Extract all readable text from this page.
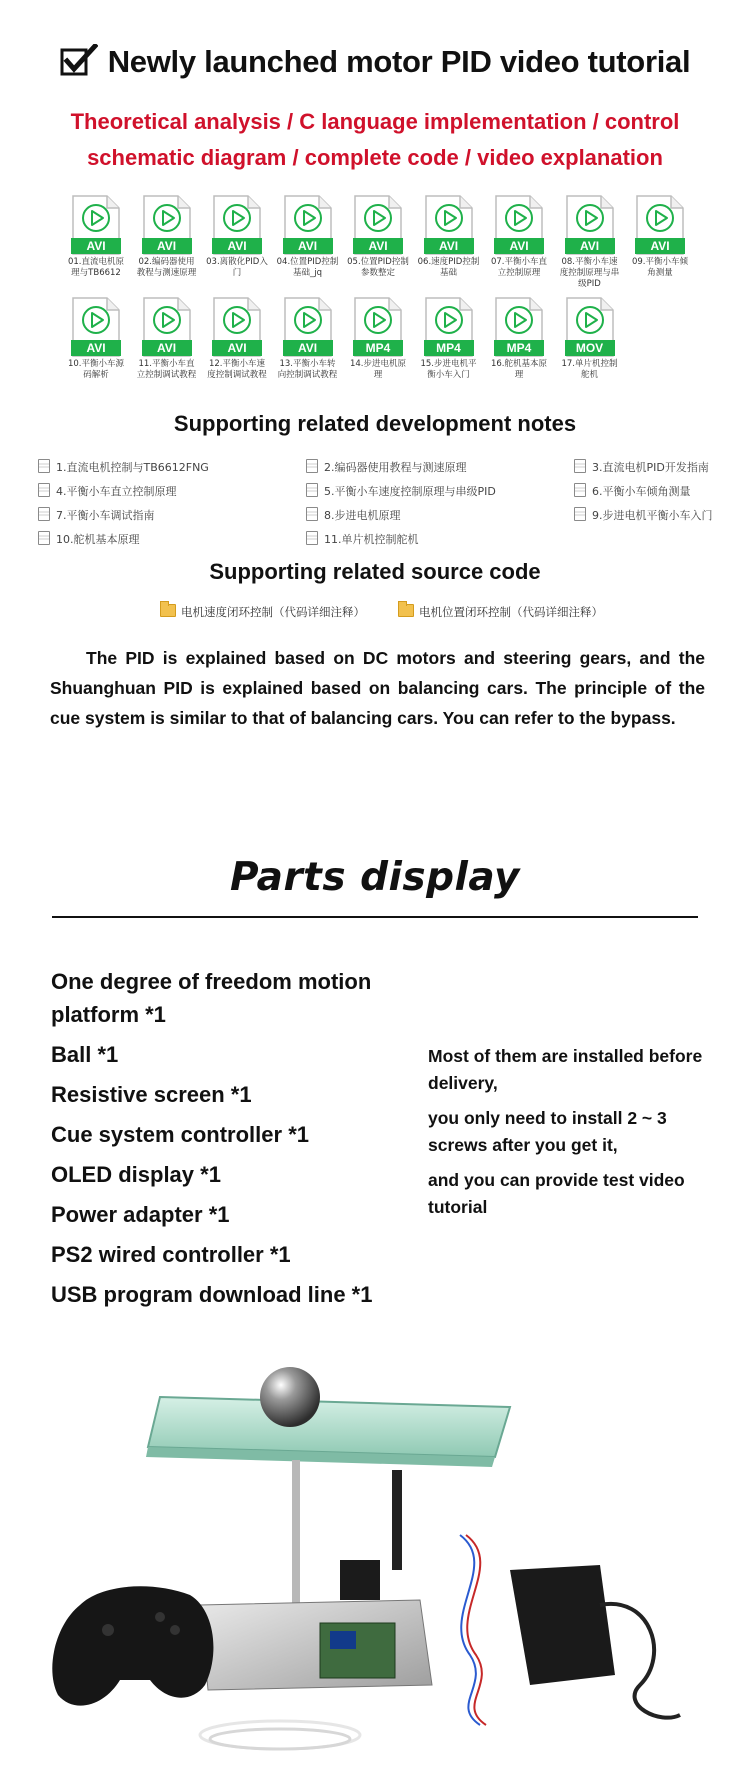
Newly launched motor PID video tutorial
Theoretical analysis / C language implementation / control
schematic diagram / complete code / video explanation
AVI
01.直流电机原理与TB6612
AVI
02.编码器使用教程与测速原理
AVI
03.离散化PID入门
AVI
04.位置PID控制基础_jq
AVI
05.位置PID控制参数整定
AVI
06.速度PID控制基础
AVI
07.平衡小车直立控制原理
AVI
08.平衡小车速度控制原理与串级PID
AVI
09.平衡小车倾角测量
AVI
10.平衡小车源码解析
AVI
11.平衡小车直立控制调试教程
AVI
12.平衡小车速度控制调试教程
AVI
13.平衡小车转向控制调试教程
MP4
14.步进电机原理
MP4
15.步进电机平衡小车入门
MP4
16.舵机基本原理
MOV
17.单片机控制舵机
Supporting related development notes
1.直流电机控制与TB6612FNG	2.编码器使用教程与测速原理	3.直流电机PID开发指南
4.平衡小车直立控制原理	5.平衡小车速度控制原理与串级PID	6.平衡小车倾角测量
7.平衡小车调试指南	8.步进电机原理	9.步进电机平衡小车入门
10.舵机基本原理	11.单片机控制舵机
Supporting related source code
电机速度闭环控制（代码详细注释）	电机位置闭环控制（代码详细注释）
The PID is explained based on DC motors and steering gears, and the Shuanghuan PID is explained based on balancing cars. The principle of the cue system is similar to that of balancing cars. You can refer to the bypass.
Parts display
One degree of freedom motion
platform *1
Ball *1
Resistive screen *1
Cue system controller *1
OLED display *1
Power adapter *1
PS2 wired controller *1
USB program download line *1
Most of them are installed before delivery,
you only need to install 2 ~ 3 screws after you get it,
and you can provide test video tutorial
